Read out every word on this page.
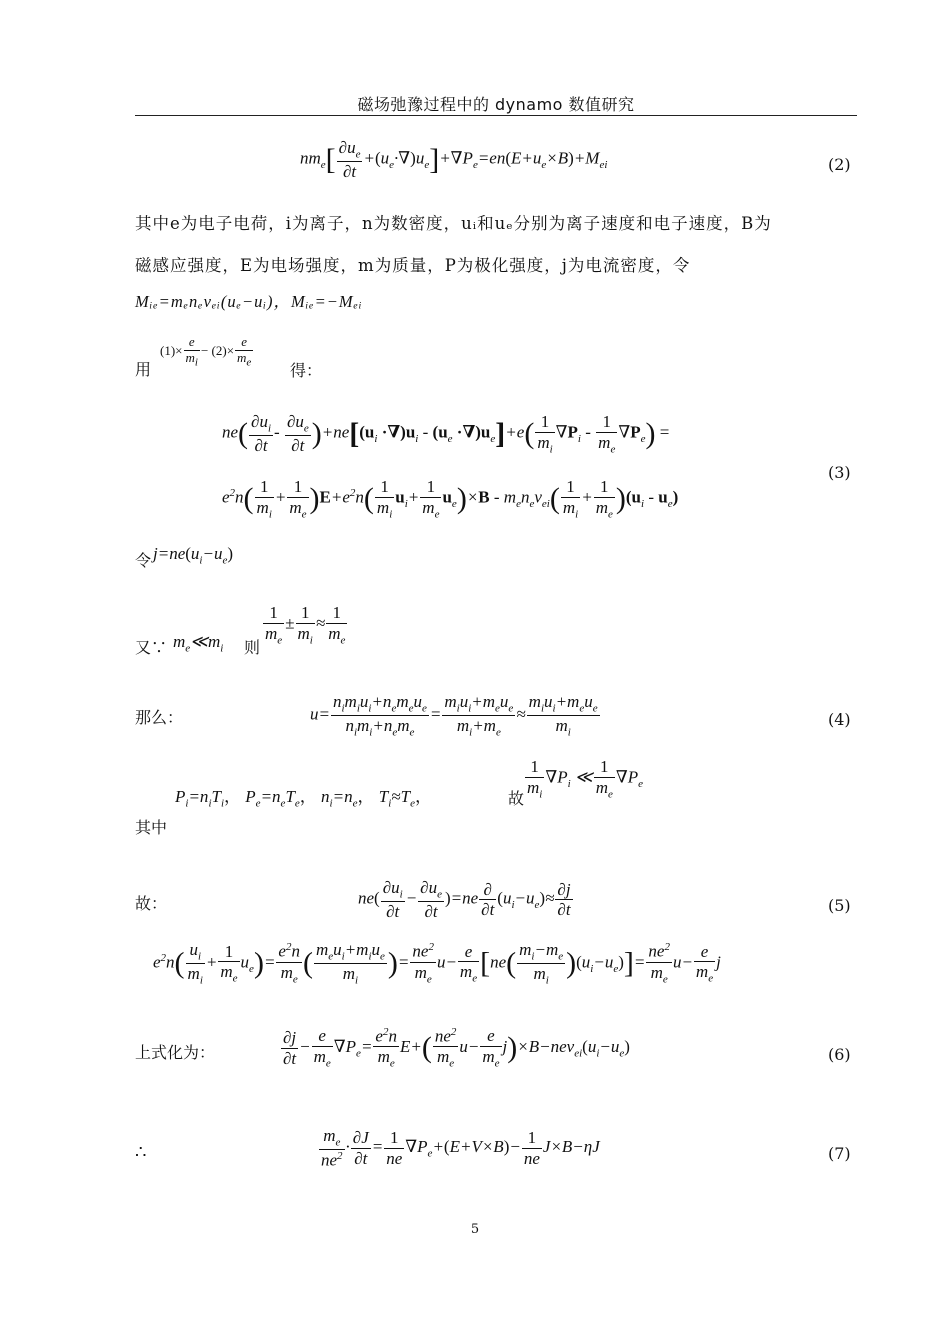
磁场弛豫过程中的 dynamo 数值研究
$nm_e[ \frac{\partial u_e}{\partial t} +(u_e\cdot\nabla)u_e]+\nabla P_e=en(E+u_e\times B)+M_{ei}$	(2)
其中e为电子电荷，i为离子，n为数密度，uᵢ和uₑ分别为离子速度和电子速度，B为
磁感应强度，E为电场强度，m为质量，P为极化强度，j为电流密度，令
Mᵢₑ=mₑnₑνₑᵢ(uₑ−uᵢ)，Mᵢₑ=−Mₑᵢ
用
$(1)\times \frac{e}{m_i} - (2)\times \frac{e}{m_e}$
得：
$ne( \frac{\partial u_i}{\partial t} - \frac{\partial u_e}{\partial t} )+ne[(u_i \cdot\nabla)u_i - (u_e \cdot\nabla)u_e]+e( \frac{1}{m_i} \nabla P_i - \frac{1}{m_e} \nabla P_e)$ =
$e^2n( \frac{1}{m_i} + \frac{1}{m_e} )E+e^2n( \frac{1}{m_i} u_i+ \frac{1}{m_e} u_e)\times B - m_en_e\nu_{ei}( \frac{1}{m_i} + \frac{1}{m_e} )(u_i - u_e)$
(3)
令 $j=ne(u_i-u_e)$
又∵ $m_e≪m_i$ 则
$\frac{1}{m_e} \pm \frac{1}{m_i} \approx \frac{1}{m_e}$
那么：	$u= \frac{n_im_iu_i+n_em_eu_e}{n_im_i+n_em_e} = \frac{m_iu_i+m_eu_e}{m_i+m_e} \approx \frac{m_iu_i+m_eu_e}{m_i}$	(4)
$P_i=n_iT_i$， $P_e=n_eT_e$， $n_i=n_e$， $T_i\approx T_e$，	故 $\frac{1}{m_i} \nabla P_i$ ≪ $\frac{1}{m_e} \nabla P_e$
其中
故：	$ne( \frac{\partial u_i}{\partial t} - \frac{\partial u_e}{\partial t} )=ne \frac{\partial}{\partial t} (u_i-u_e)\approx \frac{\partial j}{\partial t}$	(5)
$e^2n( \frac{u_i}{m_i} + \frac{1}{m_e} u_e)= \frac{e^2n}{m_e}$ ( $\frac{m_eu_i+m_iu_e}{m_i}$ )= $\frac{ne^2}{m_e} u- \frac{e}{m_e} [ne( \frac{m_i-m_e}{m_i} )(u_i-u_e)]= \frac{ne^2}{m_e} u- \frac{e}{m_e}$ j
上式化为：	$\frac{\partial j}{\partial t} - \frac{e}{m_e} \nabla P_e= \frac{e^2n}{m_e} E+( \frac{ne^2}{m_e} u- \frac{e}{m_e} j)\times B-ne\nu_{ei}(u_i-u_e)$	(6)
∴	$\frac{m_e}{ne^2} \cdot \frac{\partial J}{\partial t} = \frac{1}{ne} \nabla P_e+(E+V\times B)- \frac{1}{ne} J\times B-\eta J$	(7)
5
